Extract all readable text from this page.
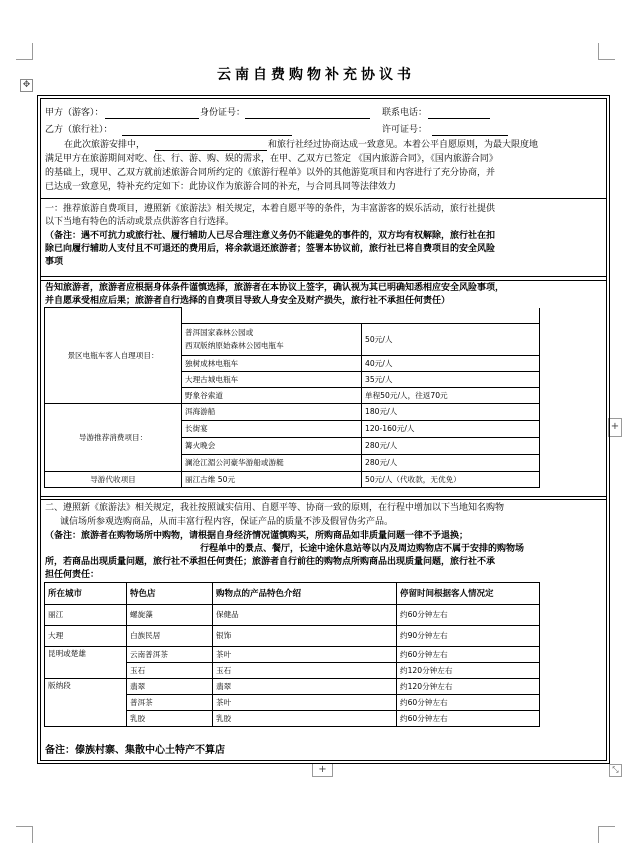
✥
+
+	⤡
云南自费购物补充协议书
甲方（游客）：	身份证号：	联系电话：
乙方（旅行社）：	许可证号：
在此次旅游安排中，	和旅行社经过协商达成一致意见。本着公平自愿原则，为最大限度地
满足甲方在旅游期间对吃、住、行、游、购、娱的需求，在甲、乙双方已签定 《国内旅游合同》，《国内旅游合同》
的基础上，现甲、乙双方就前述旅游合同所约定的《旅游行程单》以外的其他游览项目和内容进行了充分协商，并
已达成一致意见，特补充约定如下：此协议作为旅游合同的补充，与合同具同等法律效力
一：推荐旅游自费项目，遵照新《旅游法》相关规定，本着自愿平等的条件，为丰富游客的娱乐活动，旅行社提供
以下当地有特色的活动或景点供游客自行选择。
（备注：遇不可抗力或旅行社、履行辅助人已尽合理注意义务仍不能避免的事件的，双方均有权解除，旅行社在扣
除已向履行辅助人支付且不可退还的费用后，将余款退还旅游者；签署本协议前，旅行社已将自费项目的安全风险
事项
告知旅游者，旅游者应根据身体条件谨慎选择，旅游者在本协议上签字，确认视为其已明确知悉相应安全风险事项，
并自愿承受相应后果；旅游者自行选择的自费项目导致人身安全及财产损失，旅行社不承担任何责任）
景区电瓶车客人自理项目：		

	普洱国家森林公园或
西双版纳原始森林公园电瓶车	50元/人
	独树成林电瓶车	40元/人
	大理古城电瓶车	35元/人
	野象谷索道	单程50元/人，往返70元
导游推荐消费项目：	洱海游船	180元/人
	长街宴	120-160元/人
	篝火晚会	280元/人
	澜沧江湄公河豪华游船或游艇	280元/人
导游代收项目	丽江古维 50元	50元/人（代收款，无优免）
二、遵照新《旅游法》相关规定，我社按照诚实信用、自愿平等、协商一致的原则，在行程中增加以下当地知名购物
诚信场所参观选购商品，从而丰富行程内容，保证产品的质量不涉及假冒伪劣产品。
（备注：旅游者在购物场所中购物，请根据自身经济情况谨慎购买，所购商品如非质量问题一律不予退换；
行程单中的景点、餐厅，长途中途休息站等以内及周边购物店不属于安排的购物场
所，若商品出现质量问题，旅行社不承担任何责任；旅游者自行前往的购物点所购商品出现质量问题，旅行社不承
担任何责任：
所在城市	特色店	购物点的产品特色介绍	停留时间根据客人情况定
丽江	螺旋藻	保健品	约60分钟左右
大理	白族民居	银饰	约90分钟左右
昆明或楚雄	云南普洱茶	茶叶	约60分钟左右
	玉石	玉石	约120分钟左右
版纳段	翡翠	翡翠	约120分钟左右
	普洱茶	茶叶	约60分钟左右
	乳胶	乳胶	约60分钟左右
备注：傣族村寨、集散中心土特产不算店
